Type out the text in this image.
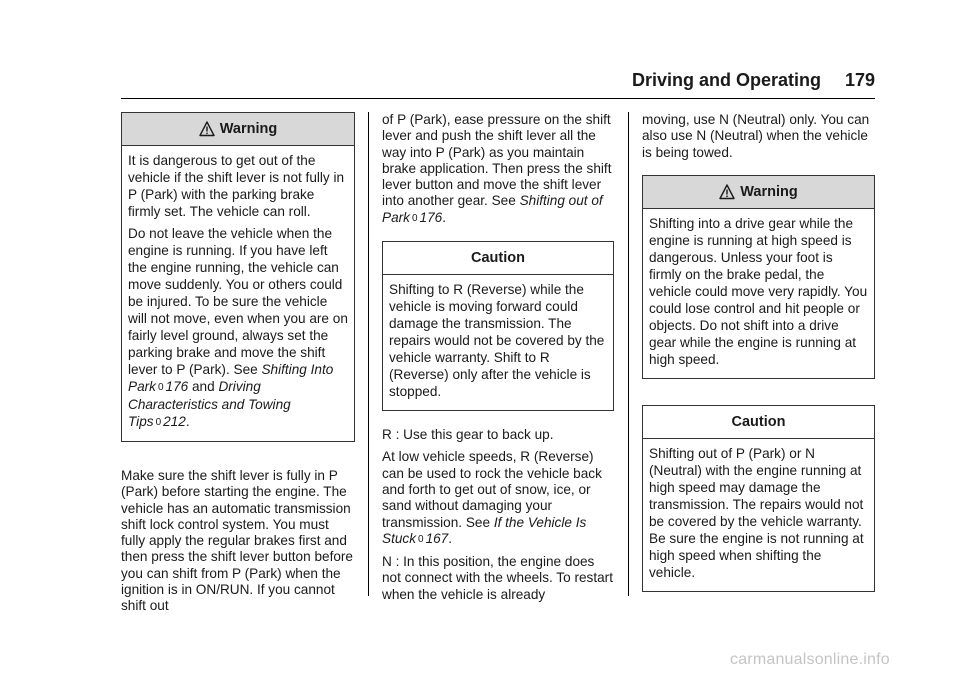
Driving and Operating 179
Warning

It is dangerous to get out of the vehicle if the shift lever is not fully in P (Park) with the parking brake firmly set. The vehicle can roll.

Do not leave the vehicle when the engine is running. If you have left the engine running, the vehicle can move suddenly. You or others could be injured. To be sure the vehicle will not move, even when you are on fairly level ground, always set the parking brake and move the shift lever to P (Park). See Shifting Into Park 0 176 and Driving Characteristics and Towing Tips 0 212.

Make sure the shift lever is fully in P (Park) before starting the engine. The vehicle has an automatic transmission shift lock control system. You must fully apply the regular brakes first and then press the shift lever button before you can shift from P (Park) when the ignition is in ON/RUN. If you cannot shift out

of P (Park), ease pressure on the shift lever and push the shift lever all the way into P (Park) as you maintain brake application. Then press the shift lever button and move the shift lever into another gear. See Shifting out of Park 0 176.

Caution

Shifting to R (Reverse) while the vehicle is moving forward could damage the transmission. The repairs would not be covered by the vehicle warranty. Shift to R (Reverse) only after the vehicle is stopped.

R : Use this gear to back up.

At low vehicle speeds, R (Reverse) can be used to rock the vehicle back and forth to get out of snow, ice, or sand without damaging your transmission. See If the Vehicle Is Stuck 0 167.

N : In this position, the engine does not connect with the wheels. To restart when the vehicle is already

moving, use N (Neutral) only. You can also use N (Neutral) when the vehicle is being towed.

Warning

Shifting into a drive gear while the engine is running at high speed is dangerous. Unless your foot is firmly on the brake pedal, the vehicle could move very rapidly. You could lose control and hit people or objects. Do not shift into a drive gear while the engine is running at high speed.

Caution

Shifting out of P (Park) or N (Neutral) with the engine running at high speed may damage the transmission. The repairs would not be covered by the vehicle warranty. Be sure the engine is not running at high speed when shifting the vehicle.

carmanualsonline.info
